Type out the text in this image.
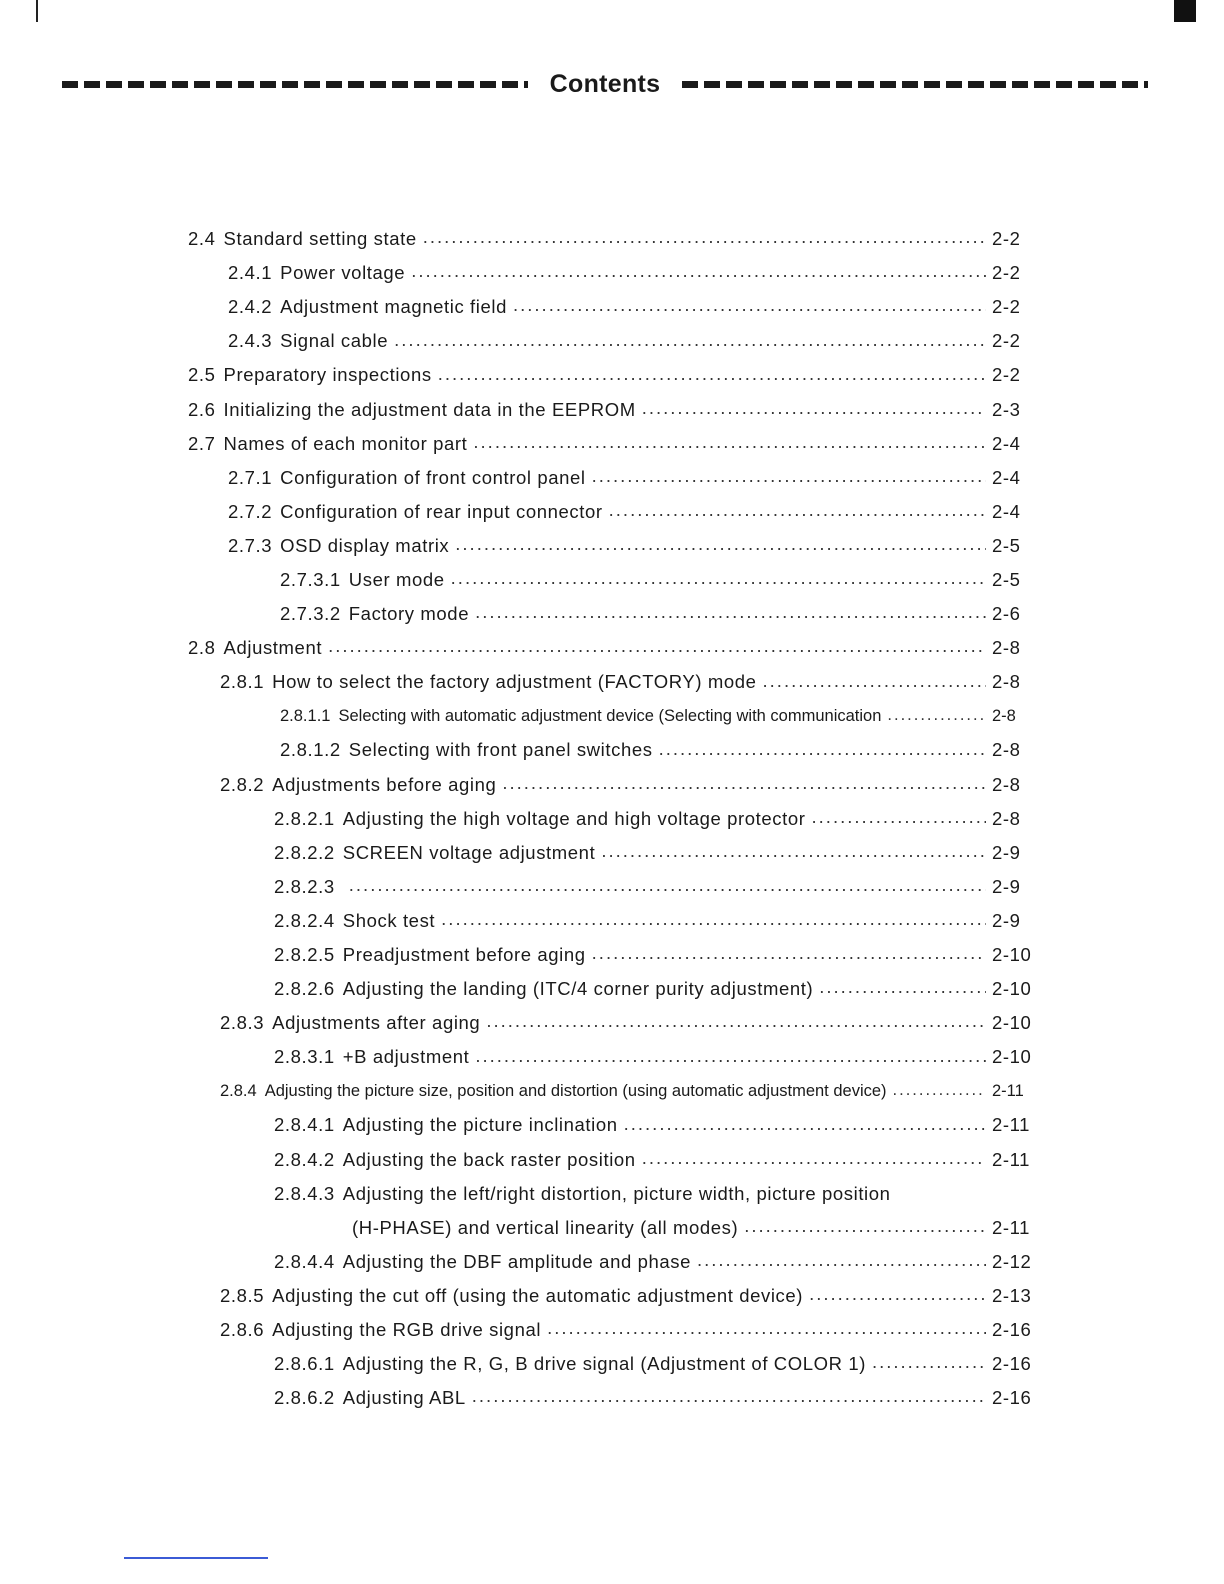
Contents
2.4 Standard setting state .....	2-2
2.4.1 Power voltage .....	2-2
2.4.2 Adjustment magnetic field .....	2-2
2.4.3 Signal cable .....	2-2
2.5 Preparatory inspections .....	2-2
2.6 Initializing the adjustment data in the EEPROM .....	2-3
2.7 Names of each monitor part .....	2-4
2.7.1 Configuration of front control panel .....	2-4
2.7.2 Configuration of rear input connector .....	2-4
2.7.3 OSD display matrix .....	2-5
2.7.3.1 User mode .....	2-5
2.7.3.2 Factory mode .....	2-6
2.8 Adjustment .....	2-8
2.8.1 How to select the factory adjustment (FACTORY) mode .....	2-8
2.8.1.1 Selecting with automatic adjustment device (Selecting with communication .....	2-8
2.8.1.2 Selecting with front panel switches .....	2-8
2.8.2 Adjustments before aging .....	2-8
2.8.2.1 Adjusting the high voltage and high voltage protector .....	2-8
2.8.2.2 SCREEN voltage adjustment .....	2-9
2.8.2.3 .....	2-9
2.8.2.4 Shock test .....	2-9
2.8.2.5 Preadjustment before aging .....	2-10
2.8.2.6 Adjusting the landing (ITC/4 corner purity adjustment) .....	2-10
2.8.3 Adjustments after aging .....	2-10
2.8.3.1 +B adjustment .....	2-10
2.8.4 Adjusting the picture size, position and distortion (using automatic adjustment device) .....	2-11
2.8.4.1 Adjusting the picture inclination .....	2-11
2.8.4.2 Adjusting the back raster position .....	2-11
2.8.4.3 Adjusting the left/right distortion, picture width, picture position
(H-PHASE) and vertical linearity (all modes) .....	2-11
2.8.4.4 Adjusting the DBF amplitude and phase .....	2-12
2.8.5 Adjusting the cut off (using the automatic adjustment device) .....	2-13
2.8.6 Adjusting the RGB drive signal .....	2-16
2.8.6.1 Adjusting the R, G, B drive signal (Adjustment of COLOR 1) .....	2-16
2.8.6.2 Adjusting ABL .....	2-16
